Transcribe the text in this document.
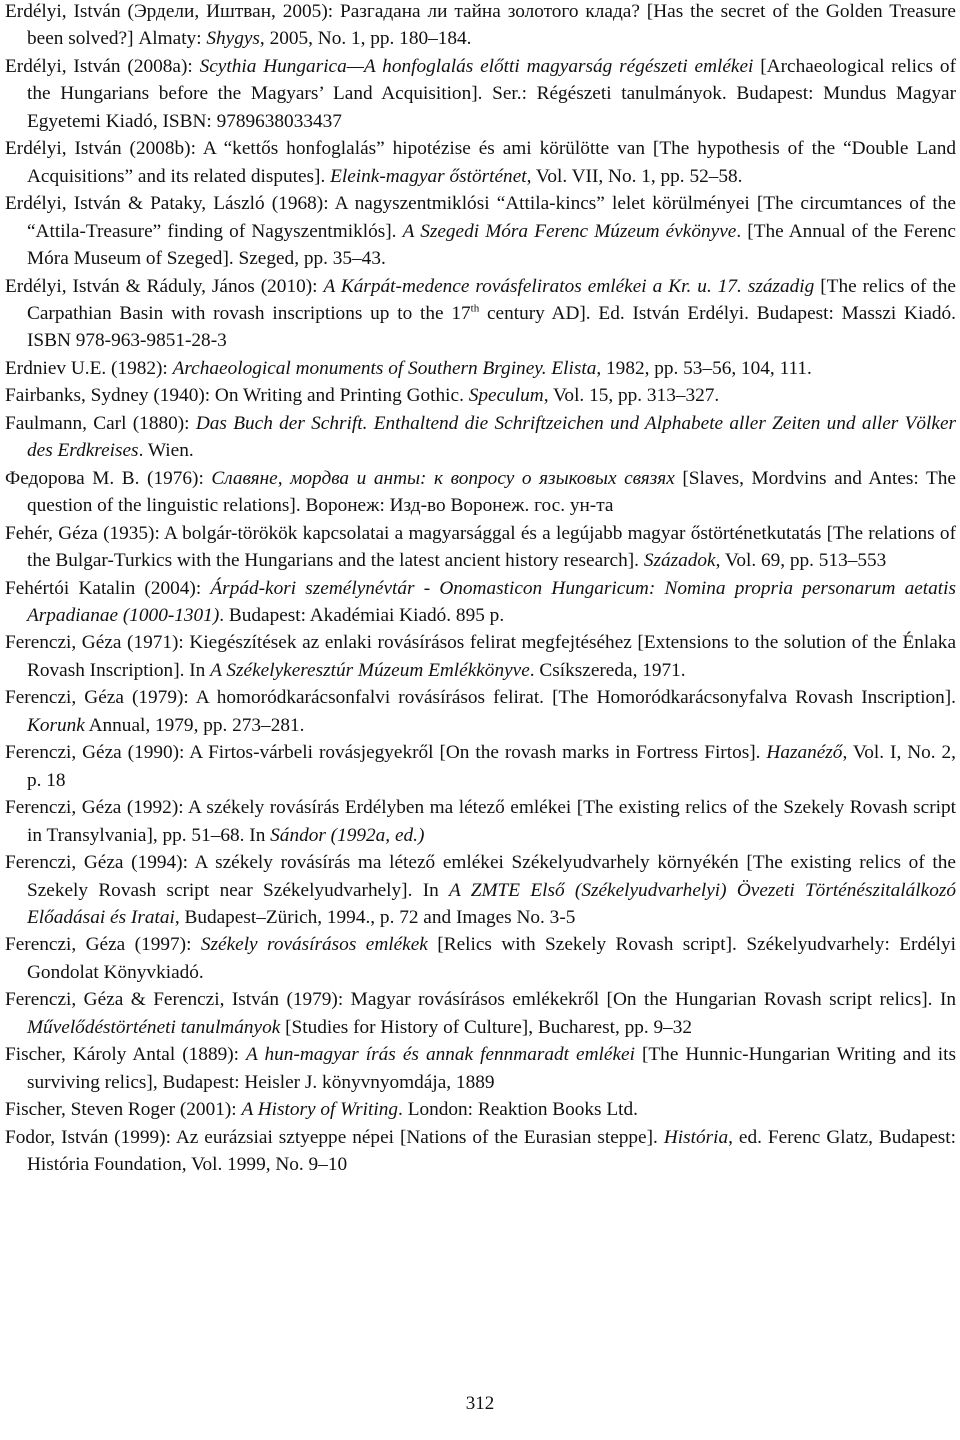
Erdélyi, István (Эрдели, Иштван, 2005): Разгадана ли тайна золотого клада? [Has the secret of the Golden Treasure been solved?] Almaty: Shygys, 2005, No. 1, pp. 180–184.

Erdélyi, István (2008a): Scythia Hungarica—A honfoglalás előtti magyarság régészeti emlékei [Archaeological relics of the Hungarians before the Magyars’ Land Acquisition]. Ser.: Régészeti tanulmányok. Budapest: Mundus Magyar Egyetemi Kiadó, ISBN: 9789638033437

Erdélyi, István (2008b): A “kettős honfoglalás” hipotézise és ami körülötte van [The hypothesis of the “Double Land Acquisitions” and its related disputes]. Eleink-magyar őstörténet, Vol. VII, No. 1, pp. 52–58.

Erdélyi, István & Pataky, László (1968): A nagyszentmiklósi “Attila-kincs” lelet körülményei [The circumtances of the “Attila-Treasure” finding of Nagyszentmiklós]. A Szegedi Móra Ferenc Múzeum évkönyve. [The Annual of the Ferenc Móra Museum of Szeged]. Szeged, pp. 35–43.

Erdélyi, István & Ráduly, János (2010): A Kárpát-medence rovásfeliratos emlékei a Kr. u. 17. századig [The relics of the Carpathian Basin with rovash inscriptions up to the 17th century AD]. Ed. István Erdélyi. Budapest: Masszi Kiadó. ISBN 978-963-9851-28-3

Erdniev U.E. (1982): Archaeological monuments of Southern Brginey. Elista, 1982, pp. 53–56, 104, 111.

Fairbanks, Sydney (1940): On Writing and Printing Gothic. Speculum, Vol. 15, pp. 313–327.

Faulmann, Carl (1880): Das Buch der Schrift. Enthaltend die Schriftzeichen und Alphabete aller Zeiten und aller Völker des Erdkreises. Wien.

Федорова М. В. (1976): Славяне, мордва и анты: к вопросу о языковых связях [Slaves, Mordvins and Antes: The question of the linguistic relations]. Воронеж: Изд-во Воронеж. гос. ун-та

Fehér, Géza (1935): A bolgár-törökök kapcsolatai a magyarsággal és a legújabb magyar őstörténetkutatás [The relations of the Bulgar-Turkics with the Hungarians and the latest ancient history research]. Századok, Vol. 69, pp. 513–553

Fehértói Katalin (2004): Árpád-kori személynévtár - Onomasticon Hungaricum: Nomina propria personarum aetatis Arpadianae (1000-1301). Budapest: Akadémiai Kiadó. 895 p.

Ferenczi, Géza (1971): Kiegészítések az enlaki rovásírásos felirat megfejtéséhez [Extensions to the solution of the Énlaka Rovash Inscription]. In A Székelykeresztúr Múzeum Emlékkönyve. Csíkszereda, 1971.

Ferenczi, Géza (1979): A homoródkarácsonfalvi rovásírásos felirat. [The Homoródkarácsonyfalva Rovash Inscription]. Korunk Annual, 1979, pp. 273–281.

Ferenczi, Géza (1990): A Firtos-várbeli rovásjegyekről [On the rovash marks in Fortress Firtos]. Hazanéző, Vol. I, No. 2, p. 18

Ferenczi, Géza (1992): A székely rovásírás Erdélyben ma létező emlékei [The existing relics of the Szekely Rovash script in Transylvania], pp. 51–68. In Sándor (1992a, ed.)

Ferenczi, Géza (1994): A székely rovásírás ma létező emlékei Székelyudvarhely környékén [The existing relics of the Szekely Rovash script near Székelyudvarhely]. In A ZMTE Első (Székelyudvarhelyi) Övezeti Történészitalálkozó Előadásai és Iratai, Budapest–Zürich, 1994., p. 72 and Images No. 3-5

Ferenczi, Géza (1997): Székely rovásírásos emlékek [Relics with Szekely Rovash script]. Székelyudvarhely: Erdélyi Gondolat Könyvkiadó.

Ferenczi, Géza & Ferenczi, István (1979): Magyar rovásírásos emlékekről [On the Hungarian Rovash script relics]. In Művelődéstörténeti tanulmányok [Studies for History of Culture], Bucharest, pp. 9–32

Fischer, Károly Antal (1889): A hun-magyar írás és annak fennmaradt emlékei [The Hunnic-Hungarian Writing and its surviving relics], Budapest: Heisler J. könyvnyomdája, 1889

Fischer, Steven Roger (2001): A History of Writing. London: Reaktion Books Ltd.

Fodor, István (1999): Az eurázsiai sztyeppe népei [Nations of the Eurasian steppe]. História, ed. Ferenc Glatz, Budapest: História Foundation, Vol. 1999, No. 9–10

312
